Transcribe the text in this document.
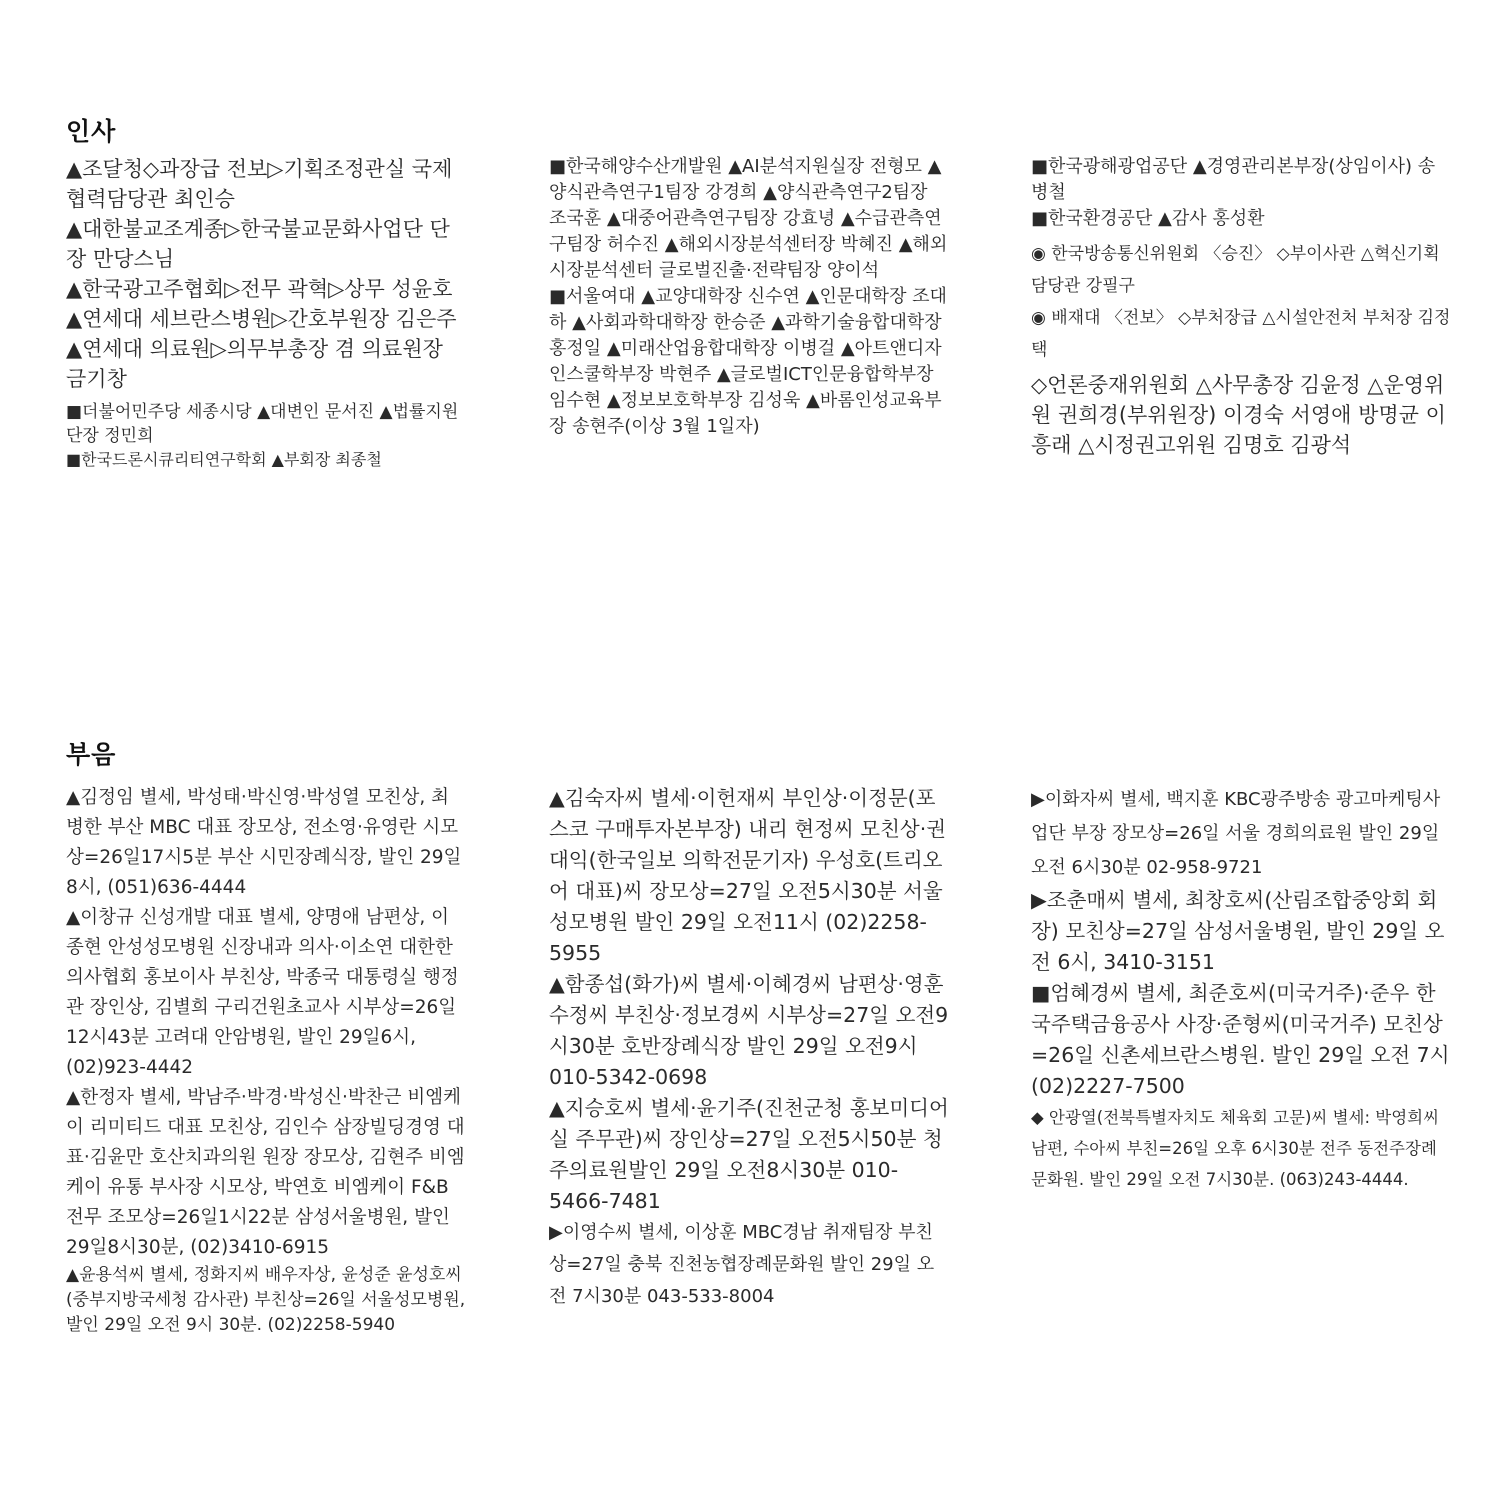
인사

▲조달청◇과장급 전보▷기획조정관실 국제협력담당관 최인승

▲대한불교조계종▷한국불교문화사업단 단장 만당스님

▲한국광고주협회▷전무 곽혁▷상무 성윤호

▲연세대 세브란스병원▷간호부원장 김은주

▲연세대 의료원▷의무부총장 겸 의료원장 금기창

■더불어민주당 세종시당 ▲대변인 문서진 ▲법률지원단장 정민희

■한국드론시큐리티연구학회 ▲부회장 최종철

■한국해양수산개발원 ▲AI분석지원실장 전형모 ▲양식관측연구1팀장 강경희 ▲양식관측연구2팀장 조국훈 ▲대중어관측연구팀장 강효녕 ▲수급관측연구팀장 허수진 ▲해외시장분석센터장 박혜진 ▲해외시장분석센터 글로벌진출·전략팀장 양이석

■서울여대 ▲교양대학장 신수연 ▲인문대학장 조대하 ▲사회과학대학장 한승준 ▲과학기술융합대학장 홍정일 ▲미래산업융합대학장 이병걸 ▲아트앤디자인스쿨학부장 박현주 ▲글로벌ICT인문융합학부장 임수현 ▲정보보호학부장 김성욱 ▲바롬인성교육부장 송현주(이상 3월 1일자)

■한국광해광업공단 ▲경영관리본부장(상임이사) 송병철

■한국환경공단 ▲감사 홍성환

◉ 한국방송통신위원회 〈승진〉 ◇부이사관 △혁신기획담당관 강필구

◉ 배재대 〈전보〉 ◇부처장급 △시설안전처 부처장 김정택

◇언론중재위원회 △사무총장 김윤정 △운영위원 권희경(부위원장) 이경숙 서영애 방명균 이흥래 △시정권고위원 김명호 김광석

부음

▲김정임 별세, 박성태·박신영·박성열 모친상, 최병한 부산 MBC 대표 장모상, 전소영·유영란 시모상=26일17시5분 부산 시민장례식장, 발인 29일8시, (051)636-4444

▲이창규 신성개발 대표 별세, 양명애 남편상, 이종현 안성성모병원 신장내과 의사·이소연 대한한의사협회 홍보이사 부친상, 박종국 대통령실 행정관 장인상, 김별희 구리건원초교사 시부상=26일12시43분 고려대 안암병원, 발인 29일6시, (02)923-4442

▲한정자 별세, 박남주·박경·박성신·박찬근 비엠케이 리미티드 대표 모친상, 김인수 삼장빌딩경영 대표·김윤만 호산치과의원 원장 장모상, 김현주 비엠케이 유통 부사장 시모상, 박연호 비엠케이 F&B 전무 조모상=26일1시22분 삼성서울병원, 발인 29일8시30분, (02)3410-6915

▲윤용석씨 별세, 정화지씨 배우자상, 윤성준 윤성호씨(중부지방국세청 감사관) 부친상=26일 서울성모병원, 발인 29일 오전 9시 30분. (02)2258-5940

▲김숙자씨 별세·이헌재씨 부인상·이정문(포스코 구매투자본부장) 내리 현정씨 모친상·권대익(한국일보 의학전문기자) 우성호(트리오 어 대표)씨 장모상=27일 오전5시30분 서울성모병원 발인 29일 오전11시 (02)2258-5955

▲함종섭(화가)씨 별세·이혜경씨 남편상·영훈 수정씨 부친상·정보경씨 시부상=27일 오전9시30분 호반장례식장 발인 29일 오전9시 010-5342-0698

▲지승호씨 별세·윤기주(진천군청 홍보미디어실 주무관)씨 장인상=27일 오전5시50분 청주의료원발인 29일 오전8시30분 010-5466-7481

▶이영수씨 별세, 이상훈 MBC경남 취재팀장 부친상=27일 충북 진천농협장례문화원 발인 29일 오전 7시30분 043-533-8004

▶이화자씨 별세, 백지훈 KBC광주방송 광고마케팅사업단 부장 장모상=26일 서울 경희의료원 발인 29일 오전 6시30분 02-958-9721

▶조춘매씨 별세, 최창호씨(산림조합중앙회 회장) 모친상=27일 삼성서울병원, 발인 29일 오전 6시, 3410-3151

■엄혜경씨 별세, 최준호씨(미국거주)·준우 한국주택금융공사 사장·준형씨(미국거주) 모친상=26일 신촌세브란스병원. 발인 29일 오전 7시 (02)2227-7500

◆ 안광열(전북특별자치도 체육회 고문)씨 별세: 박영희씨 남편, 수아씨 부친=26일 오후 6시30분 전주 동전주장례문화원. 발인 29일 오전 7시30분. (063)243-4444.
